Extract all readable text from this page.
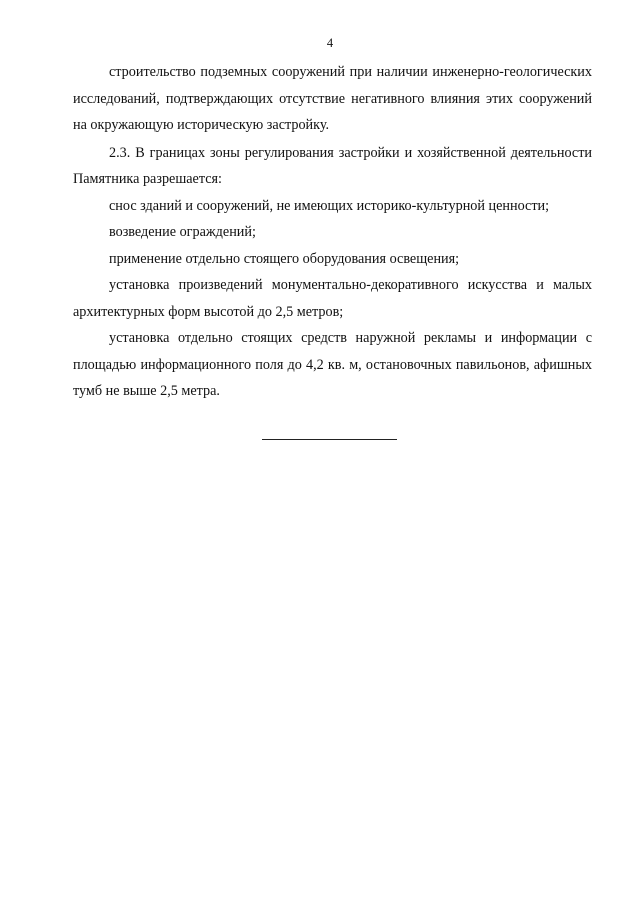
4

строительство подземных сооружений при наличии инженерно-геологических исследований, подтверждающих отсутствие негативного влияния этих сооружений на окружающую историческую застройку.

2.3. В границах зоны регулирования застройки и хозяйственной деятельности Памятника разрешается:

снос зданий и сооружений, не имеющих историко-культурной ценности;

возведение ограждений;

применение отдельно стоящего оборудования освещения;

установка произведений монументально-декоративного искусства и малых архитектурных форм высотой до 2,5 метров;

установка отдельно стоящих средств наружной рекламы и информации с площадью информационного поля до 4,2 кв. м, остановочных павильонов, афишных тумб не выше 2,5 метра.
